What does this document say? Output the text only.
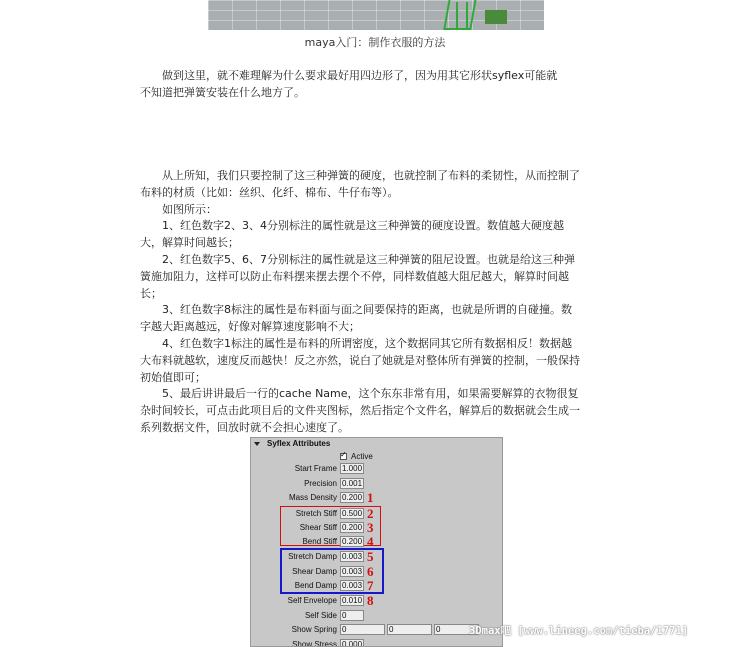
maya入门：制作衣服的方法
做到这里，就不难理解为什么要求最好用四边形了，因为用其它形状syflex可能就
不知道把弹簧安装在什么地方了。
从上所知，我们只要控制了这三种弹簧的硬度，也就控制了布料的柔韧性，从而控制了
布料的材质（比如：丝织、化纤、棉布、牛仔布等）。
如图所示：
1、红色数字2、3、4分别标注的属性就是这三种弹簧的硬度设置。数值越大硬度越
大，解算时间越长；
2、红色数字5、6、7分别标注的属性就是这三种弹簧的阻尼设置。也就是给这三种弹
簧施加阻力，这样可以防止布料摆来摆去摆个不停，同样数值越大阻尼越大，解算时间越
长；
3、红色数字8标注的属性是布料面与面之间要保持的距离，也就是所谓的自碰撞。数
字越大距离越远，好像对解算速度影响不大；
4、红色数字1标注的属性是布料的所谓密度，这个数据同其它所有数据相反！数据越
大布料就越软，速度反而越快！反之亦然，说白了她就是对整体所有弹簧的控制，一般保持
初始值即可；
5、最后讲讲最后一行的cache Name，这个东东非常有用，如果需要解算的衣物很复
杂时间较长，可点击此项目后的文件夹图标，然后指定个文件名，解算后的数据就会生成一
系列数据文件，回放时就不会担心速度了。
Syflex Attributes
✓
Active
Start Frame 1.000
Precision 0.001
Mass Density 0.200 1
Stretch Stiff 0.500 2
Shear Stiff 0.200 3
Bend Stiff 0.200 4
Stretch Damp 0.003 5
Shear Damp 0.003 6
Bend Damp 0.003 7
Self Envelope 0.010 8
Self Side 0
Show Spring 0	0	0
Show Stress 0.000
3Dmax吧 [www.lineeg.com/tieba/1771]
